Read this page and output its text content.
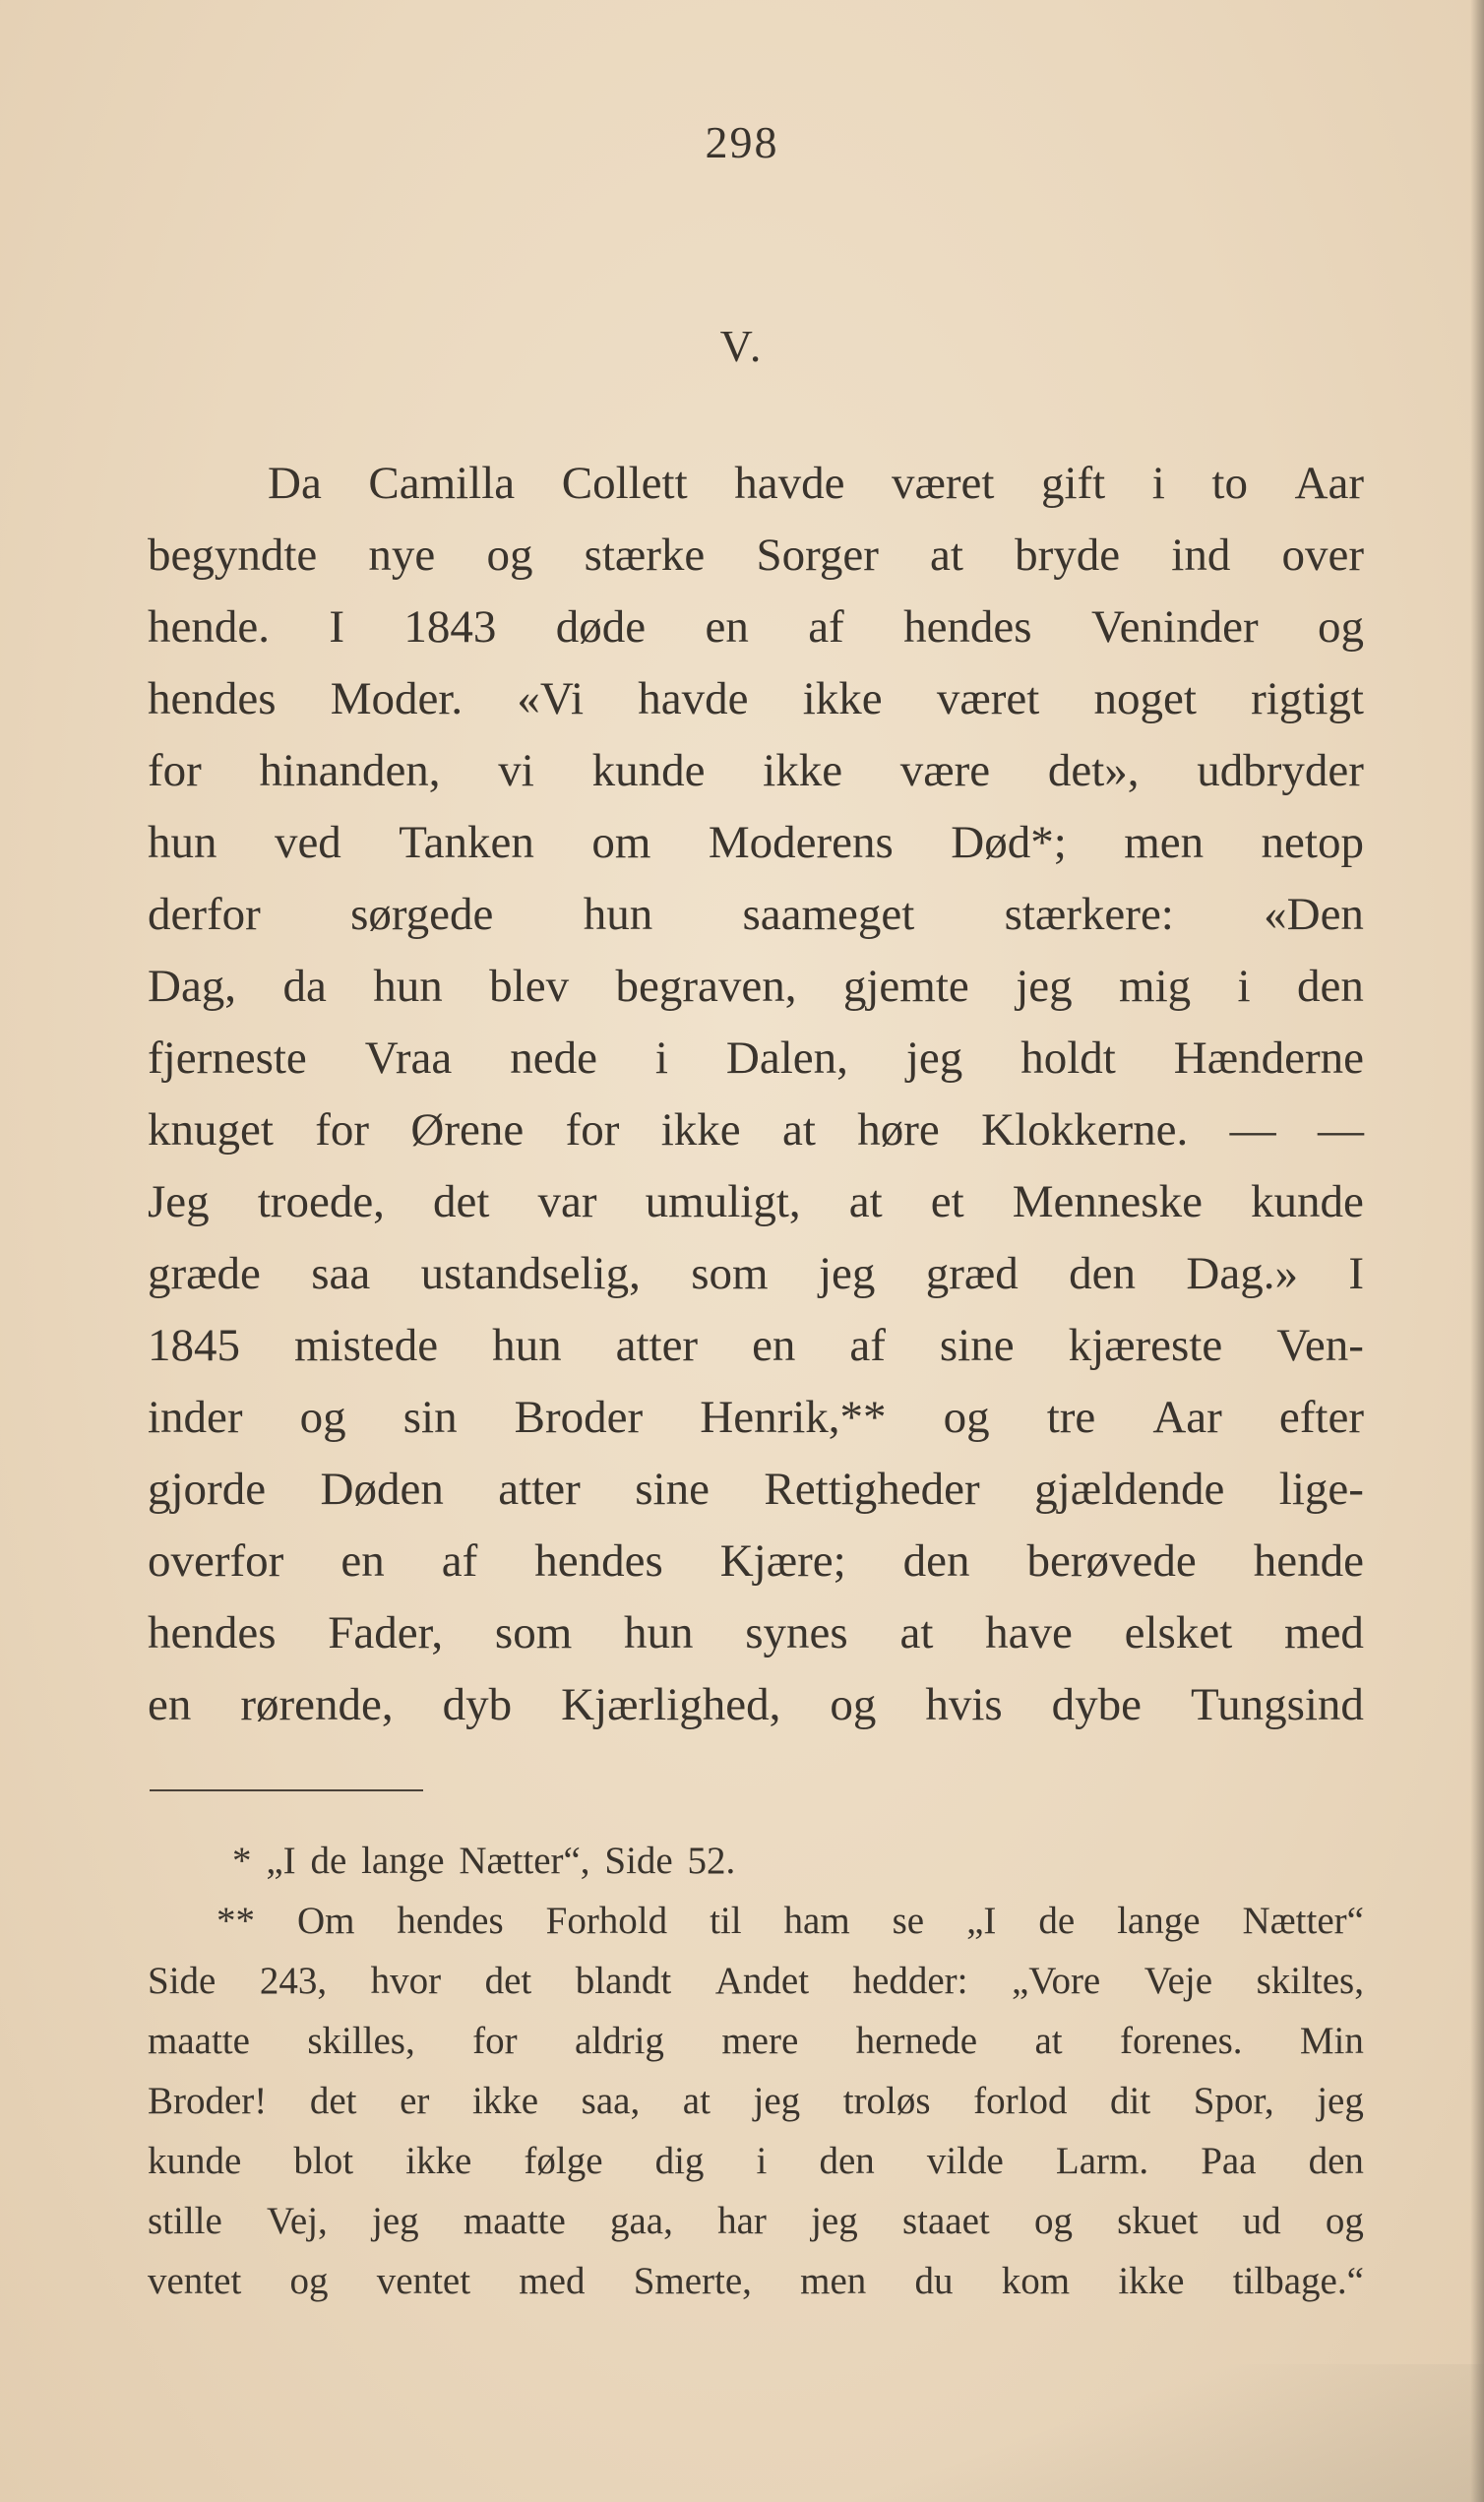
298
V.
Da Camilla Collett havde været gift i to Aar
begyndte nye og stærke Sorger at bryde ind over
hende. I 1843 døde en af hendes Veninder og
hendes Moder. «Vi havde ikke været noget rigtigt
for hinanden, vi kunde ikke være det», udbryder
hun ved Tanken om Moderens Død*; men netop
derfor sørgede hun saameget stærkere: «Den
Dag, da hun blev begraven, gjemte jeg mig i den
fjerneste Vraa nede i Dalen, jeg holdt Hænderne
knuget for Ørene for ikke at høre Klokkerne. — —
Jeg troede, det var umuligt, at et Menneske kunde
græde saa ustandselig, som jeg græd den Dag.» I
1845 mistede hun atter en af sine kjæreste Ven-
inder og sin Broder Henrik,** og tre Aar efter
gjorde Døden atter sine Rettigheder gjældende lige-
overfor en af hendes Kjære; den berøvede hende
hendes Fader, som hun synes at have elsket med
en rørende, dyb Kjærlighed, og hvis dybe Tungsind
* „I de lange Nætter“, Side 52.
** Om hendes Forhold til ham se „I de lange Nætter“
Side 243, hvor det blandt Andet hedder: „Vore Veje skiltes,
maatte skilles, for aldrig mere hernede at forenes. Min
Broder! det er ikke saa, at jeg troløs forlod dit Spor, jeg
kunde blot ikke følge dig i den vilde Larm. Paa den
stille Vej, jeg maatte gaa, har jeg staaet og skuet ud og
ventet og ventet med Smerte, men du kom ikke tilbage.“
